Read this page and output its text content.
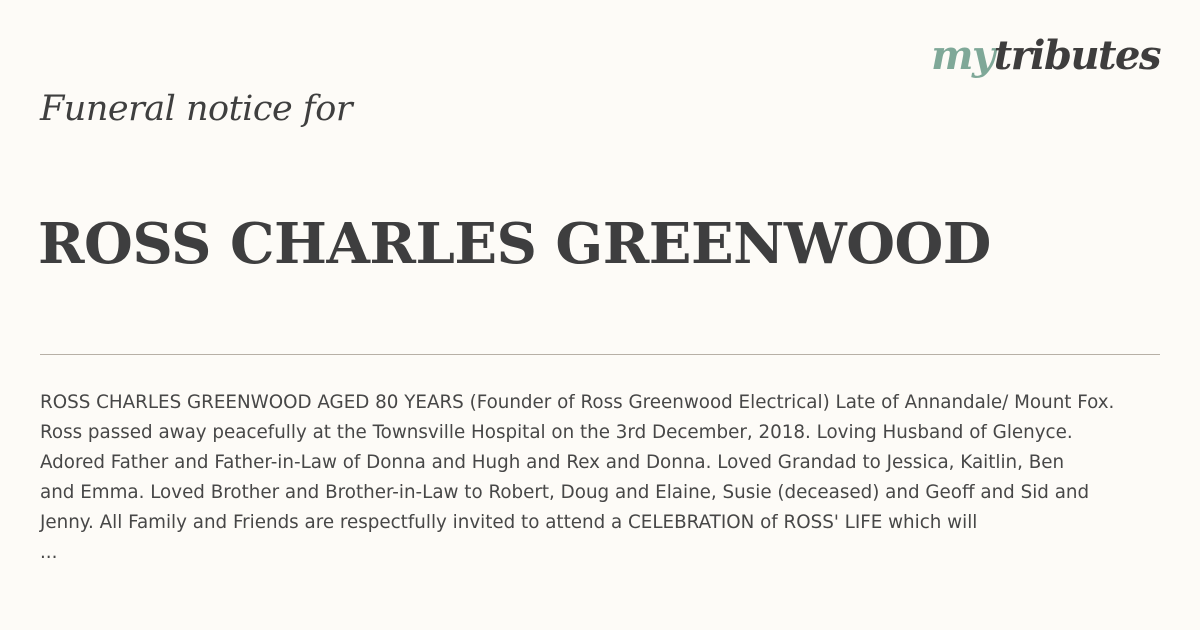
mytributes
Funeral notice for
ROSS CHARLES GREENWOOD

ROSS CHARLES GREENWOOD AGED 80 YEARS (Founder of Ross Greenwood Electrical) Late of Annandale/ Mount Fox.

Ross passed away peacefully at the Townsville Hospital on the 3rd December, 2018. Loving Husband of Glenyce.

Adored Father and Father-in-Law of Donna and Hugh and Rex and Donna. Loved Grandad to Jessica, Kaitlin, Ben

and Emma. Loved Brother and Brother-in-Law to Robert, Doug and Elaine, Susie (deceased) and Geoff and Sid and

Jenny. All Family and Friends are respectfully invited to attend a CELEBRATION of ROSS' LIFE which will

...
